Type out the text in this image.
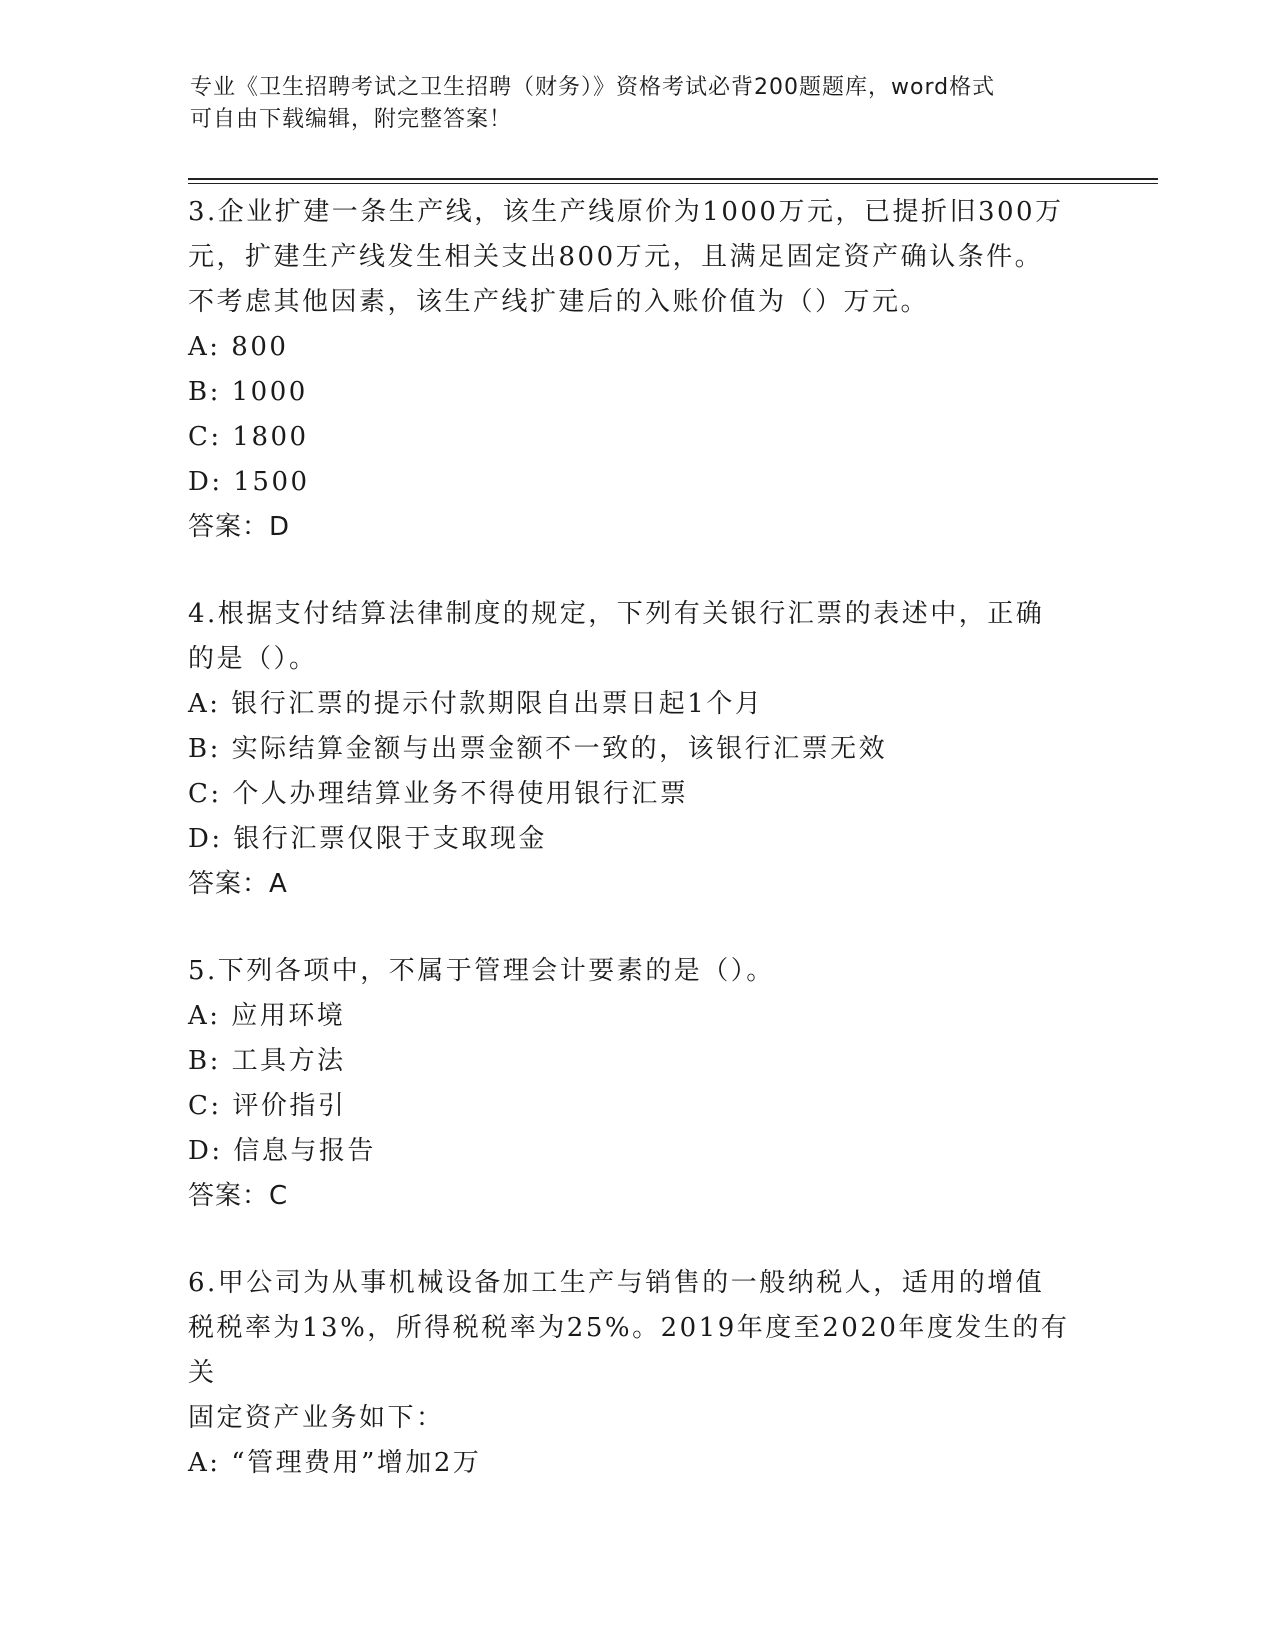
专业《卫生招聘考试之卫生招聘（财务）》资格考试必背200题题库，word格式
可自由下载编辑，附完整答案！

3.企业扩建一条生产线，该生产线原价为1000万元，已提折旧300万

元，扩建生产线发生相关支出800万元，且满足固定资产确认条件。

不考虑其他因素，该生产线扩建后的入账价值为（）万元。

A: 800

B: 1000

C: 1800

D: 1500

答案：D

4.根据支付结算法律制度的规定，下列有关银行汇票的表述中，正确

的是（）。

A: 银行汇票的提示付款期限自出票日起1个月

B: 实际结算金额与出票金额不一致的，该银行汇票无效

C: 个人办理结算业务不得使用银行汇票

D: 银行汇票仅限于支取现金

答案：A

5.下列各项中，不属于管理会计要素的是（）。

A: 应用环境

B: 工具方法

C: 评价指引

D: 信息与报告

答案：C

6.甲公司为从事机械设备加工生产与销售的一般纳税人，适用的增值

税税率为13%，所得税税率为25%。2019年度至2020年度发生的有关

固定资产业务如下：

A: “管理费用”增加2万
